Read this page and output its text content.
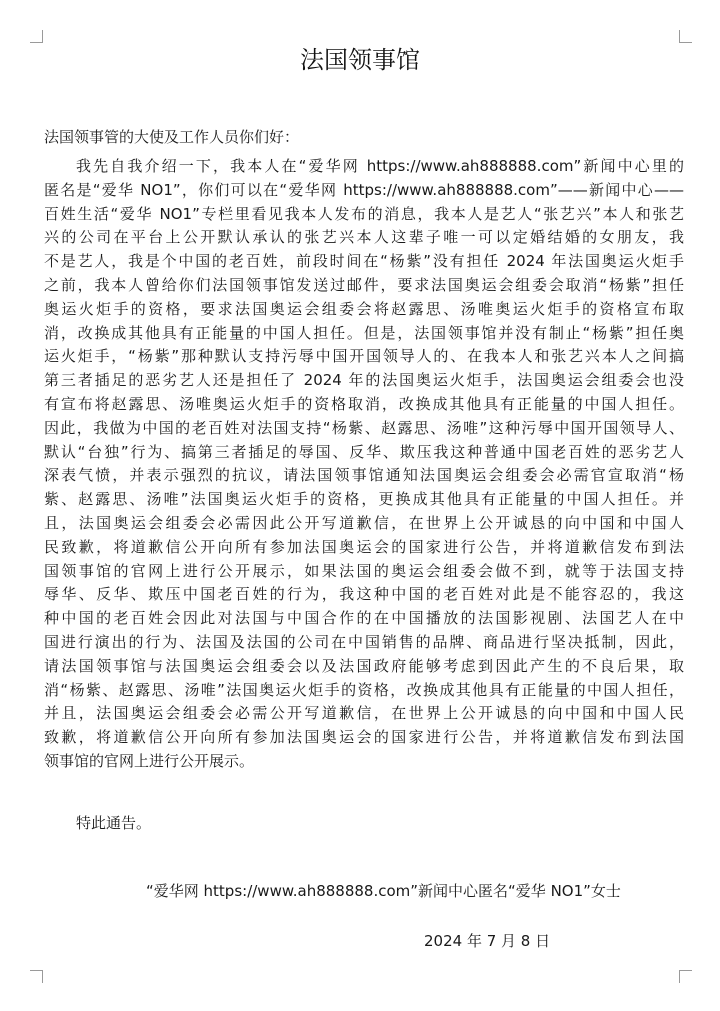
法国领事馆

法国领事管的大使及工作人员你们好：

我先自我介绍一下，我本人在“爱华网 https://www.ah888888.com”新闻中心里的
匿名是“爱华 NO1”，你们可以在“爱华网 https://www.ah888888.com”——新闻中心——
百姓生活“爱华 NO1”专栏里看见我本人发布的消息，我本人是艺人“张艺兴”本人和张艺
兴的公司在平台上公开默认承认的张艺兴本人这辈子唯一可以定婚结婚的女朋友，我
不是艺人，我是个中国的老百姓，前段时间在“杨紫”没有担任 2024 年法国奥运火炬手
之前，我本人曾给你们法国领事馆发送过邮件，要求法国奥运会组委会取消“杨紫”担任
奥运火炬手的资格，要求法国奥运会组委会将赵露思、汤唯奥运火炬手的资格宣布取
消，改换成其他具有正能量的中国人担任。但是，法国领事馆并没有制止“杨紫”担任奥
运火炬手，“杨紫”那种默认支持污辱中国开国领导人的、在我本人和张艺兴本人之间搞
第三者插足的恶劣艺人还是担任了 2024 年的法国奥运火炬手，法国奥运会组委会也没
有宣布将赵露思、汤唯奥运火炬手的资格取消，改换成其他具有正能量的中国人担任。
因此，我做为中国的老百姓对法国支持“杨紫、赵露思、汤唯”这种污辱中国开国领导人、
默认“台独”行为、搞第三者插足的辱国、反华、欺压我这种普通中国老百姓的恶劣艺人
深表气愤，并表示强烈的抗议，请法国领事馆通知法国奥运会组委会必需官宣取消“杨
紫、赵露思、汤唯”法国奥运火炬手的资格，更换成其他具有正能量的中国人担任。并
且，法国奥运会组委会必需因此公开写道歉信，在世界上公开诚恳的向中国和中国人
民致歉，将道歉信公开向所有参加法国奥运会的国家进行公告，并将道歉信发布到法
国领事馆的官网上进行公开展示，如果法国的奥运会组委会做不到，就等于法国支持
辱华、反华、欺压中国老百姓的行为，我这种中国的老百姓对此是不能容忍的，我这
种中国的老百姓会因此对法国与中国合作的在中国播放的法国影视剧、法国艺人在中
国进行演出的行为、法国及法国的公司在中国销售的品牌、商品进行坚决抵制，因此，
请法国领事馆与法国奥运会组委会以及法国政府能够考虑到因此产生的不良后果，取
消“杨紫、赵露思、汤唯”法国奥运火炬手的资格，改换成其他具有正能量的中国人担任，
并且，法国奥运会组委会必需公开写道歉信，在世界上公开诚恳的向中国和中国人民
致歉，将道歉信公开向所有参加法国奥运会的国家进行公告，并将道歉信发布到法国
领事馆的官网上进行公开展示。

特此通告。

“爱华网 https://www.ah888888.com”新闻中心匿名“爱华 NO1”女士

2024 年 7 月 8 日
